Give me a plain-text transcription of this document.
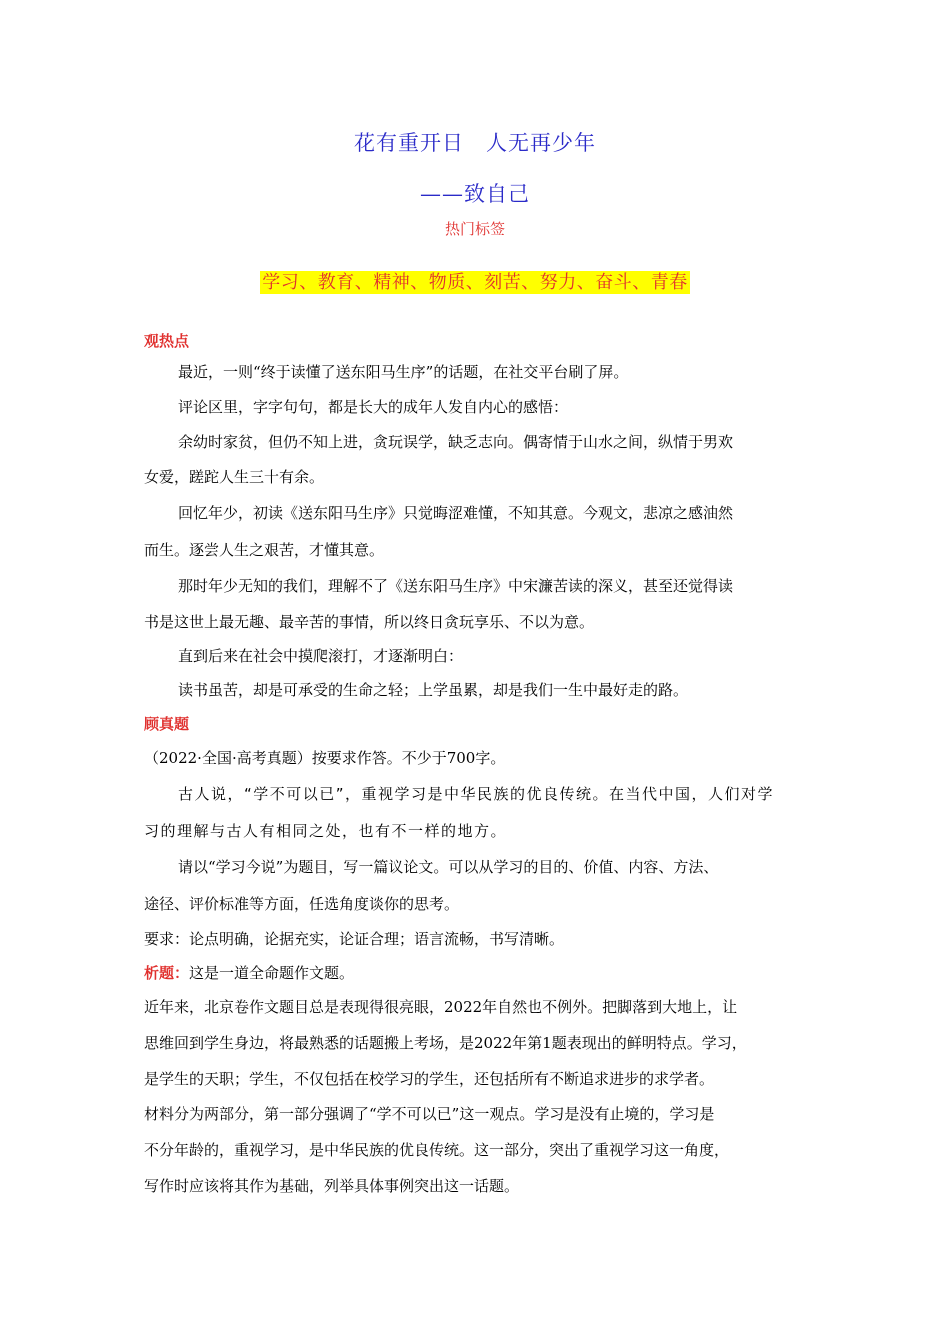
花有重开日　人无再少年
——致自己
热门标签
学习、教育、精神、物质、刻苦、努力、奋斗、青春
观热点
最近，一则“终于读懂了送东阳马生序”的话题，在社交平台刷了屏。
评论区里，字字句句，都是长大的成年人发自内心的感悟：
余幼时家贫，但仍不知上进，贪玩误学，缺乏志向。偶寄情于山水之间，纵情于男欢
女爱，蹉跎人生三十有余。
回忆年少，初读《送东阳马生序》只觉晦涩难懂，不知其意。今观文，悲凉之感油然
而生。逐尝人生之艰苦，才懂其意。
那时年少无知的我们，理解不了《送东阳马生序》中宋濂苦读的深义，甚至还觉得读
书是这世上最无趣、最辛苦的事情，所以终日贪玩享乐、不以为意。
直到后来在社会中摸爬滚打，才逐渐明白：
读书虽苦，却是可承受的生命之轻；上学虽累，却是我们一生中最好走的路。
顾真题
（2022·全国·高考真题）按要求作答。不少于700字。
古人说，“学不可以已”，重视学习是中华民族的优良传统。在当代中国，人们对学
习的理解与古人有相同之处，也有不一样的地方。
请以“学习今说”为题目，写一篇议论文。可以从学习的目的、价值、内容、方法、
途径、评价标准等方面，任选角度谈你的思考。
要求：论点明确，论据充实，论证合理；语言流畅，书写清晰。
析题：这是一道全命题作文题。
近年来，北京卷作文题目总是表现得很亮眼，2022年自然也不例外。把脚落到大地上，让
思维回到学生身边，将最熟悉的话题搬上考场，是2022年第1题表现出的鲜明特点。学习，
是学生的天职；学生，不仅包括在校学习的学生，还包括所有不断追求进步的求学者。
材料分为两部分，第一部分强调了“学不可以已”这一观点。学习是没有止境的，学习是
不分年龄的，重视学习，是中华民族的优良传统。这一部分，突出了重视学习这一角度，
写作时应该将其作为基础，列举具体事例突出这一话题。
